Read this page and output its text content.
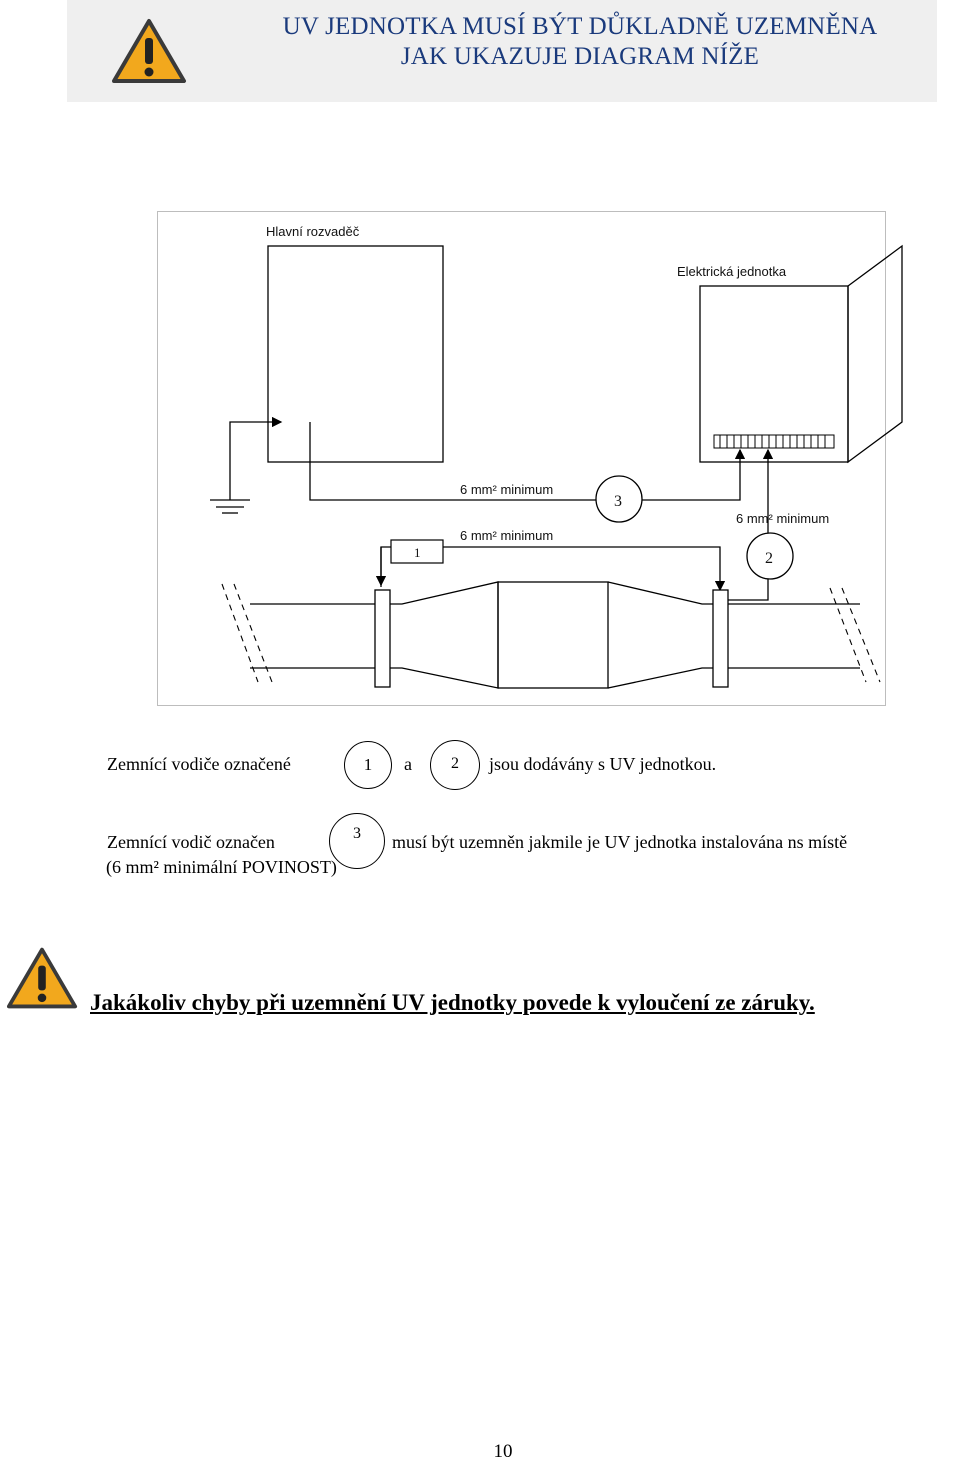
UV JEDNOTKA MUSÍ BÝT DŮKLADNĚ UZEMNĚNA
JAK UKAZUJE DIAGRAM NÍŽE
Hlavní rozvaděč
Elektrická jednotka
6 mm² minimum
3
6 mm² minimum
1
6 mm² minimum
2
Zemnící vodiče označené	1	a	2	jsou dodávány s UV jednotkou.
Zemnící vodič označen	3	musí být uzemněn jakmile je UV jednotka instalována ns místě
(6 mm² minimální POVINOST)
Jakákoliv chyby při uzemnění UV jednotky povede k vyloučení ze záruky.
10
